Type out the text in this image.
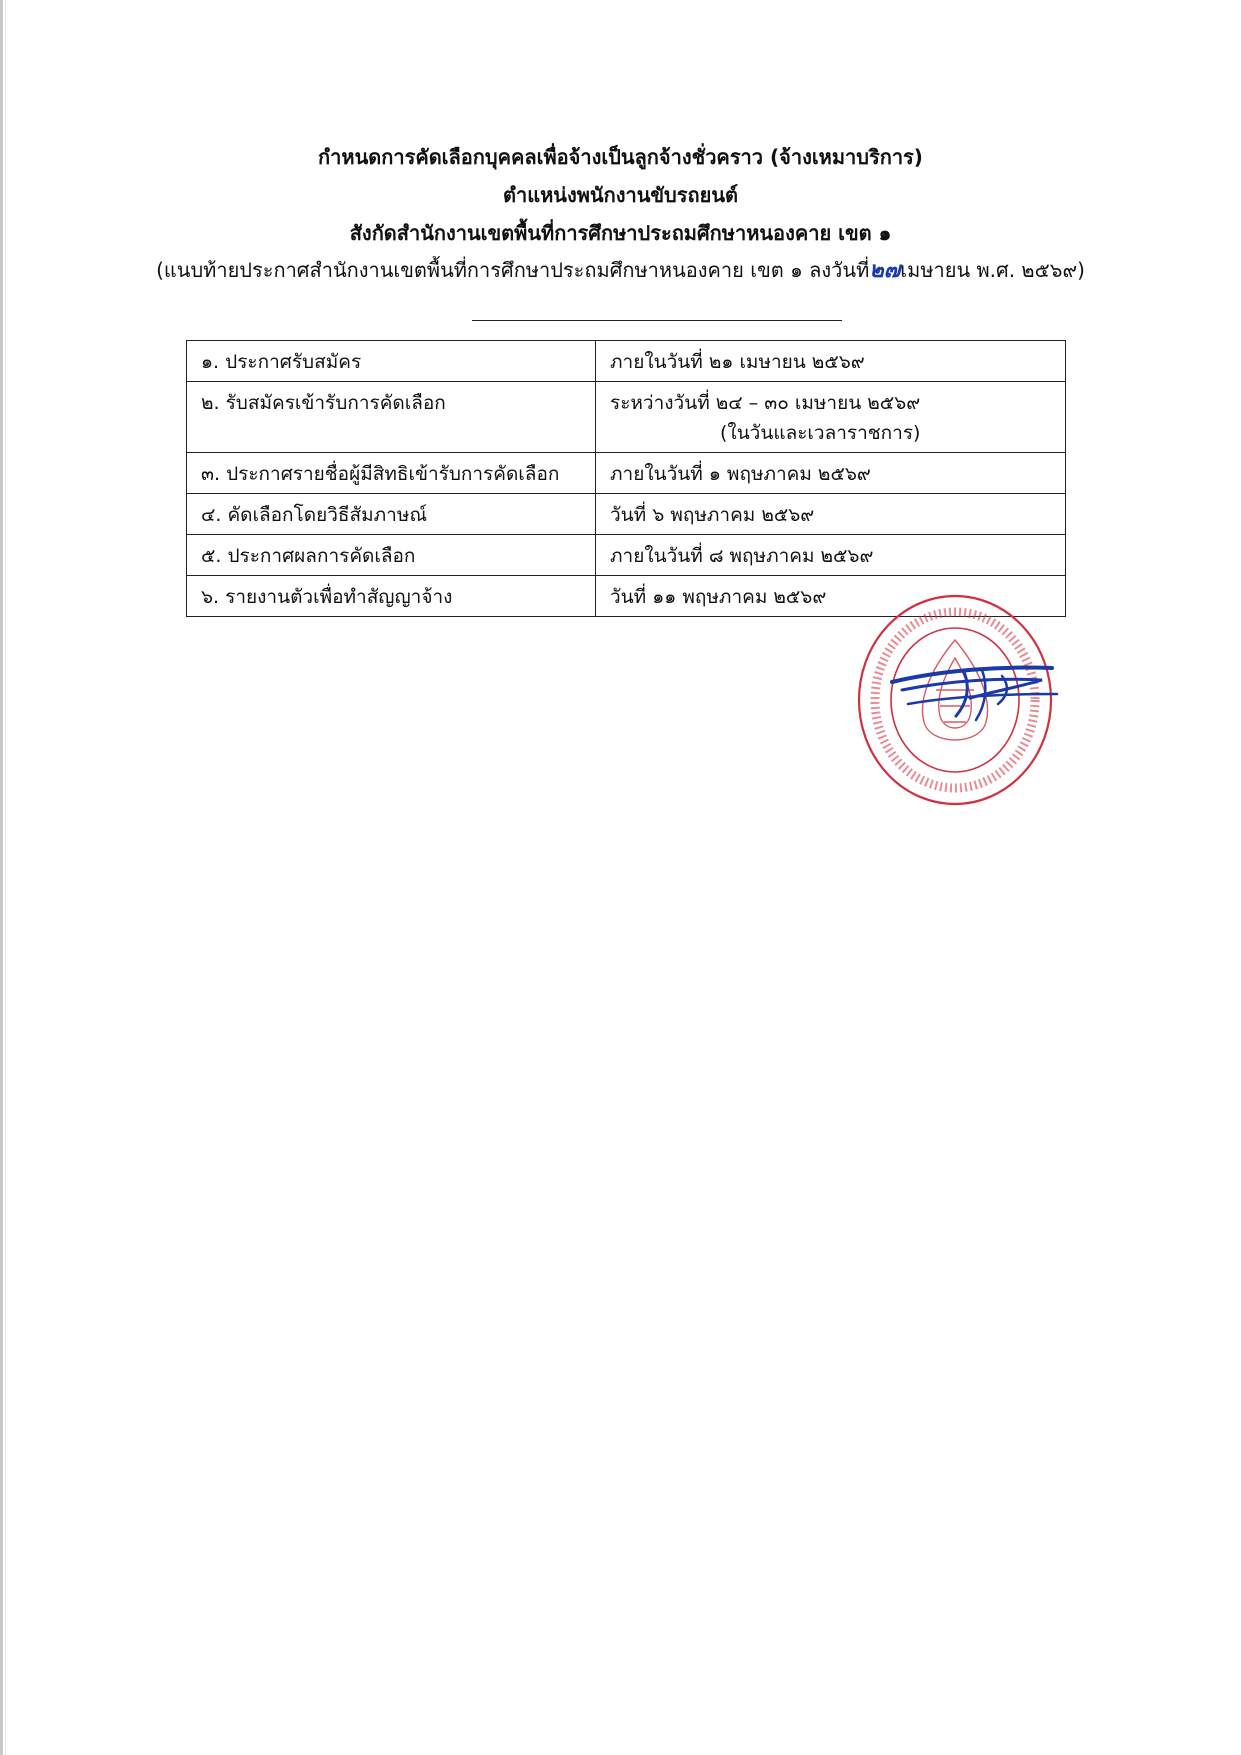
กำหนดการคัดเลือกบุคคลเพื่อจ้างเป็นลูกจ้างชั่วคราว (จ้างเหมาบริการ)
ตำแหน่งพนักงานขับรถยนต์
สังกัดสำนักงานเขตพื้นที่การศึกษาประถมศึกษาหนองคาย เขต ๑
(แนบท้ายประกาศสำนักงานเขตพื้นที่การศึกษาประถมศึกษาหนองคาย เขต ๑ ลงวันที่๒๗เมษายน พ.ศ. ๒๕๖๙)
๑. ประกาศรับสมัคร	ภายในวันที่ ๒๑ เมษายน ๒๕๖๙
๒. รับสมัครเข้ารับการคัดเลือก	ระหว่างวันที่ ๒๔ – ๓๐ เมษายน ๒๕๖๙
(ในวันและเวลาราชการ)

๓. ประกาศรายชื่อผู้มีสิทธิเข้ารับการคัดเลือก	ภายในวันที่ ๑ พฤษภาคม ๒๕๖๙
๔. คัดเลือกโดยวิธีสัมภาษณ์	วันที่ ๖ พฤษภาคม ๒๕๖๙
๕. ประกาศผลการคัดเลือก	ภายในวันที่ ๘ พฤษภาคม ๒๕๖๙
๖. รายงานตัวเพื่อทำสัญญาจ้าง	วันที่ ๑๑ พฤษภาคม ๒๕๖๙
